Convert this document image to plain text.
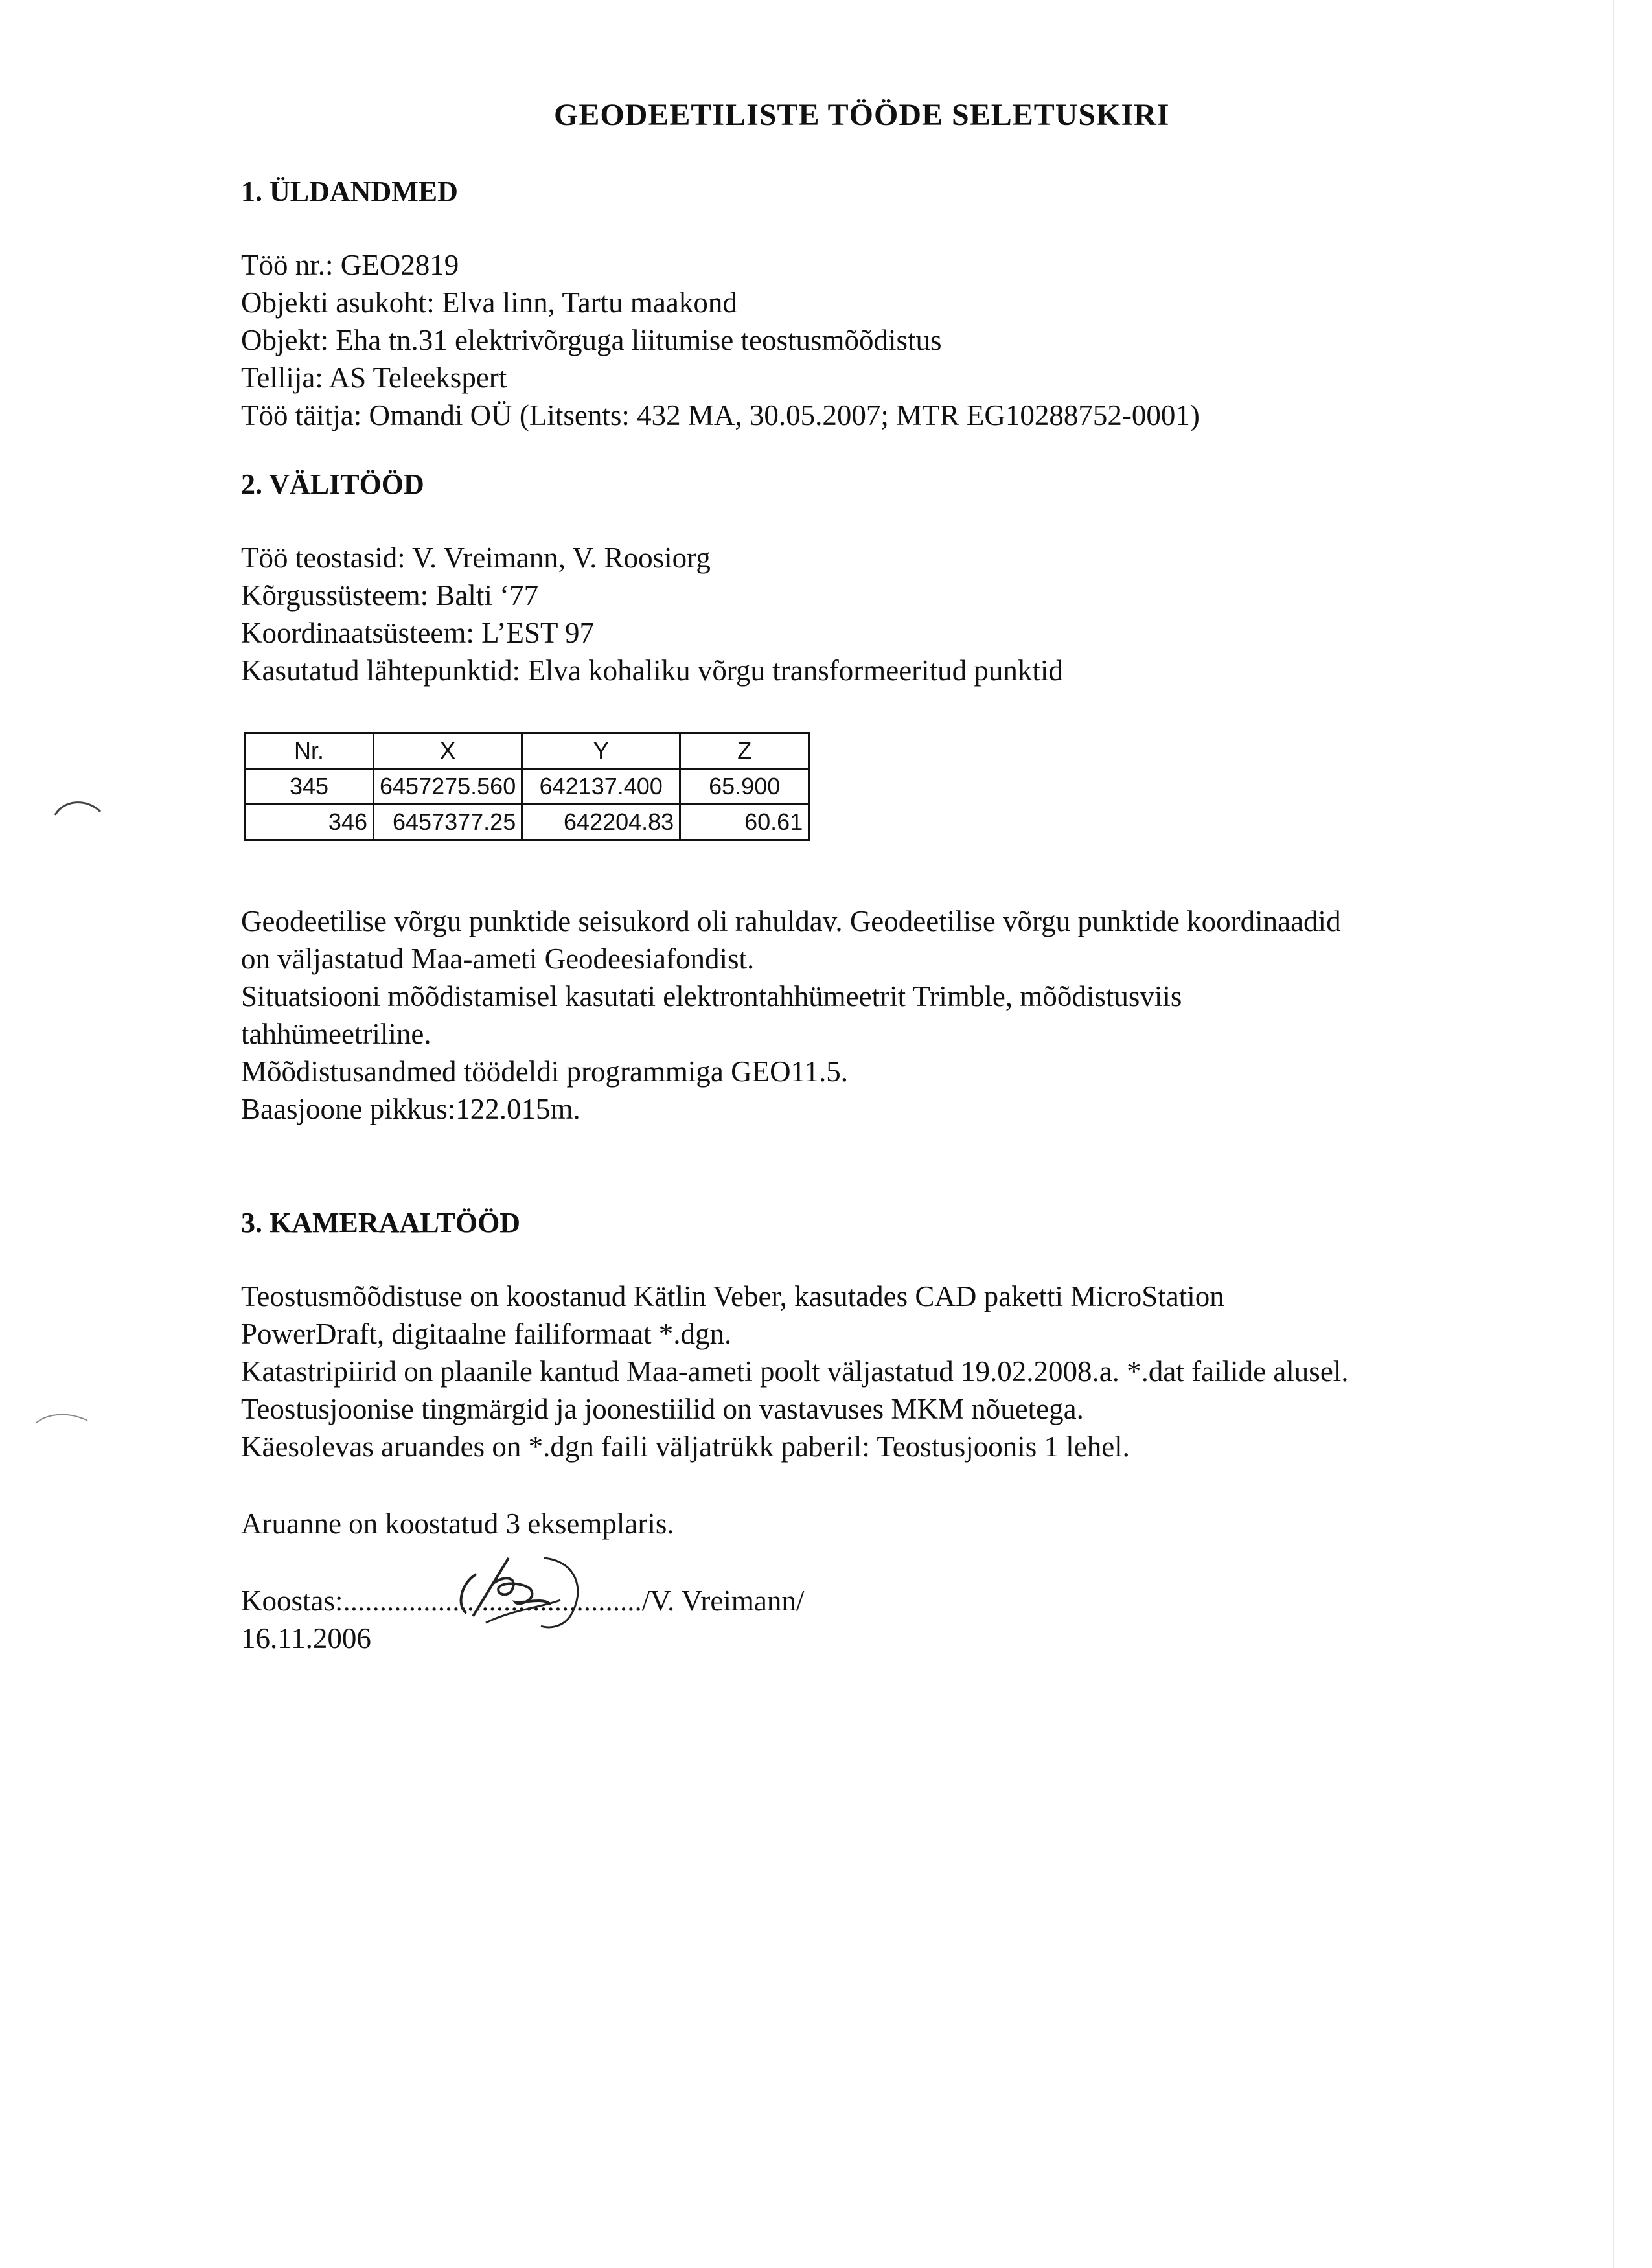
GEODEETILISTE TÖÖDE SELETUSKIRI
1. ÜLDANDMED
Töö nr.: GEO2819
Objekti asukoht: Elva linn, Tartu maakond
Objekt: Eha tn.31 elektrivõrguga liitumise teostusmõõdistus
Tellija: AS Teleekspert
Töö täitja: Omandi OÜ (Litsents: 432 MA, 30.05.2007; MTR EG10288752-0001)
2. VÄLITÖÖD
Töö teostasid: V. Vreimann, V. Roosiorg
Kõrgussüsteem: Balti ‘77
Koordinaatsüsteem: L’EST 97
Kasutatud lähtepunktid: Elva kohaliku võrgu transformeeritud punktid
Nr.	X	Y	Z
345	6457275.560	642137.400	65.900
346	6457377.25	642204.83	60.61
Geodeetilise võrgu punktide seisukord oli rahuldav. Geodeetilise võrgu punktide koordinaadid
on väljastatud Maa-ameti Geodeesiafondist.
Situatsiooni mõõdistamisel kasutati elektrontahhümeetrit Trimble, mõõdistusviis
tahhümeetriline.
Mõõdistusandmed töödeldi programmiga GEO11.5.
Baasjoone pikkus:122.015m.
3. KAMERAALTÖÖD
Teostusmõõdistuse on koostanud Kätlin Veber, kasutades CAD paketti MicroStation
PowerDraft, digitaalne failiformaat *.dgn.
Katastripiirid on plaanile kantud Maa-ameti poolt väljastatud 19.02.2008.a. *.dat failide alusel.
Teostusjoonise tingmärgid ja joonestiilid on vastavuses MKM nõuetega.
Käesolevas aruandes on *.dgn faili väljatrükk paberil: Teostusjoonis 1 lehel.
Aruanne on koostatud 3 eksemplaris.
Koostas:........................................./V. Vreimann/
16.11.2006
